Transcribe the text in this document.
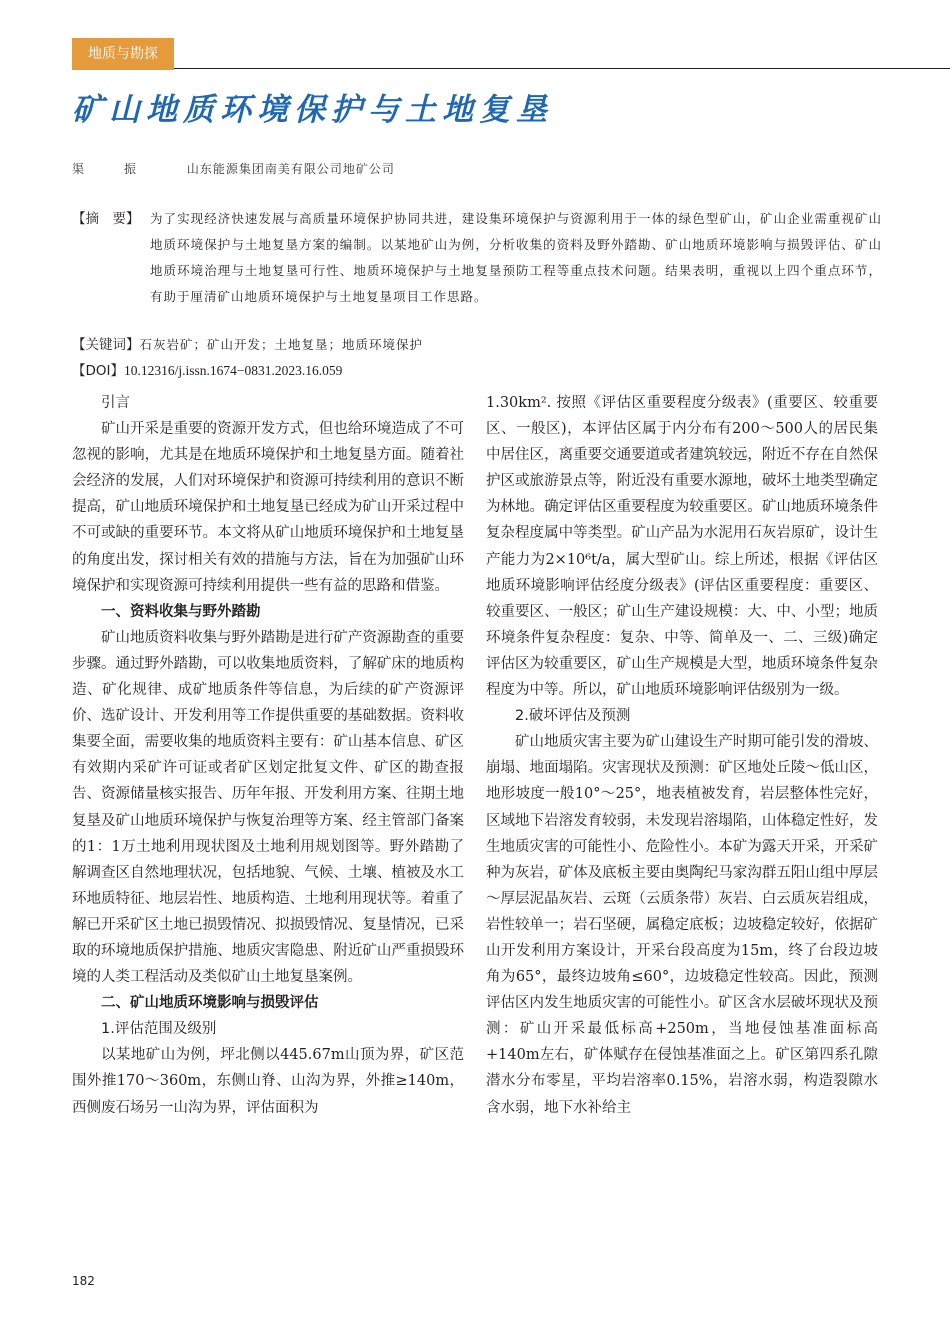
地质与勘探
矿山地质环境保护与土地复垦
渠　振	山东能源集团南美有限公司地矿公司
【摘　要】 为了实现经济快速发展与高质量环境保护协同共进，建设集环境保护与资源利用于一体的绿色型矿山，矿山企业需重视矿山地质环境保护与土地复垦方案的编制。以某地矿山为例，分析收集的资料及野外踏勘、矿山地质环境影响与损毁评估、矿山地质环境治理与土地复垦可行性、地质环境保护与土地复垦预防工程等重点技术问题。结果表明，重视以上四个重点环节，有助于厘清矿山地质环境保护与土地复垦项目工作思路。
【关键词】石灰岩矿；矿山开发；土地复垦；地质环境保护
【DOI】10.12316/j.issn.1674−0831.2023.16.059
引言

矿山开采是重要的资源开发方式，但也给环境造成了不可忽视的影响，尤其是在地质环境保护和土地复垦方面。随着社会经济的发展，人们对环境保护和资源可持续利用的意识不断提高，矿山地质环境保护和土地复垦已经成为矿山开采过程中不可或缺的重要环节。本文将从矿山地质环境保护和土地复垦的角度出发，探讨相关有效的措施与方法，旨在为加强矿山环境保护和实现资源可持续利用提供一些有益的思路和借鉴。

一、资料收集与野外踏勘

矿山地质资料收集与野外踏勘是进行矿产资源勘查的重要步骤。通过野外踏勘，可以收集地质资料，了解矿床的地质构造、矿化规律、成矿地质条件等信息，为后续的矿产资源评价、选矿设计、开发利用等工作提供重要的基础数据。资料收集要全面，需要收集的地质资料主要有：矿山基本信息、矿区有效期内采矿许可证或者矿区划定批复文件、矿区的勘查报告、资源储量核实报告、历年年报、开发利用方案、往期土地复垦及矿山地质环境保护与恢复治理等方案、经主管部门备案的1：1万土地利用现状图及土地利用规划图等。野外踏勘了解调查区自然地理状况，包括地貌、气候、土壤、植被及水工环地质特征、地层岩性、地质构造、土地利用现状等。着重了解已开采矿区土地已损毁情况、拟损毁情况、复垦情况，已采取的环境地质保护措施、地质灾害隐患、附近矿山严重损毁环境的人类工程活动及类似矿山土地复垦案例。

二、矿山地质环境影响与损毁评估
1.评估范围及级别

以某地矿山为例，坪北侧以445.67m山顶为界，矿区范围外推170～360m，东侧山脊、山沟为界，外推≥140m，西侧废石场另一山沟为界，评估面积为

1.30km². 按照《评估区重要程度分级表》(重要区、较重要区、一般区)，本评估区属于内分布有200～500人的居民集中居住区，离重要交通要道或者建筑较远，附近不存在自然保护区或旅游景点等，附近没有重要水源地，破坏土地类型确定为林地。确定评估区重要程度为较重要区。矿山地质环境条件复杂程度属中等类型。矿山产品为水泥用石灰岩原矿，设计生产能力为2×10⁶t/a，属大型矿山。综上所述，根据《评估区地质环境影响评估经度分级表》(评估区重要程度：重要区、较重要区、一般区；矿山生产建设规模：大、中、小型；地质环境条件复杂程度：复杂、中等、简单及一、二、三级)确定评估区为较重要区，矿山生产规模是大型，地质环境条件复杂程度为中等。所以，矿山地质环境影响评估级别为一级。

2.破坏评估及预测

矿山地质灾害主要为矿山建设生产时期可能引发的滑坡、崩塌、地面塌陷。灾害现状及预测：矿区地处丘陵～低山区，地形坡度一般10°～25°，地表植被发育，岩层整体性完好，区域地下岩溶发育较弱，未发现岩溶塌陷，山体稳定性好，发生地质灾害的可能性小、危险性小。本矿为露天开采，开采矿种为灰岩，矿体及底板主要由奥陶纪马家沟群五阳山组中厚层～厚层泥晶灰岩、云斑（云质条带）灰岩、白云质灰岩组成，岩性较单一；岩石坚硬，属稳定底板；边坡稳定较好，依据矿山开发利用方案设计，开采台段高度为15m，终了台段边坡角为65°，最终边坡角≤60°，边坡稳定性较高。因此，预测评估区内发生地质灾害的可能性小。矿区含水层破坏现状及预测：矿山开采最低标高+250m，当地侵蚀基准面标高+140m左右，矿体赋存在侵蚀基准面之上。矿区第四系孔隙潜水分布零星，平均岩溶率0.15%，岩溶水弱，构造裂隙水含水弱，地下水补给主

182
